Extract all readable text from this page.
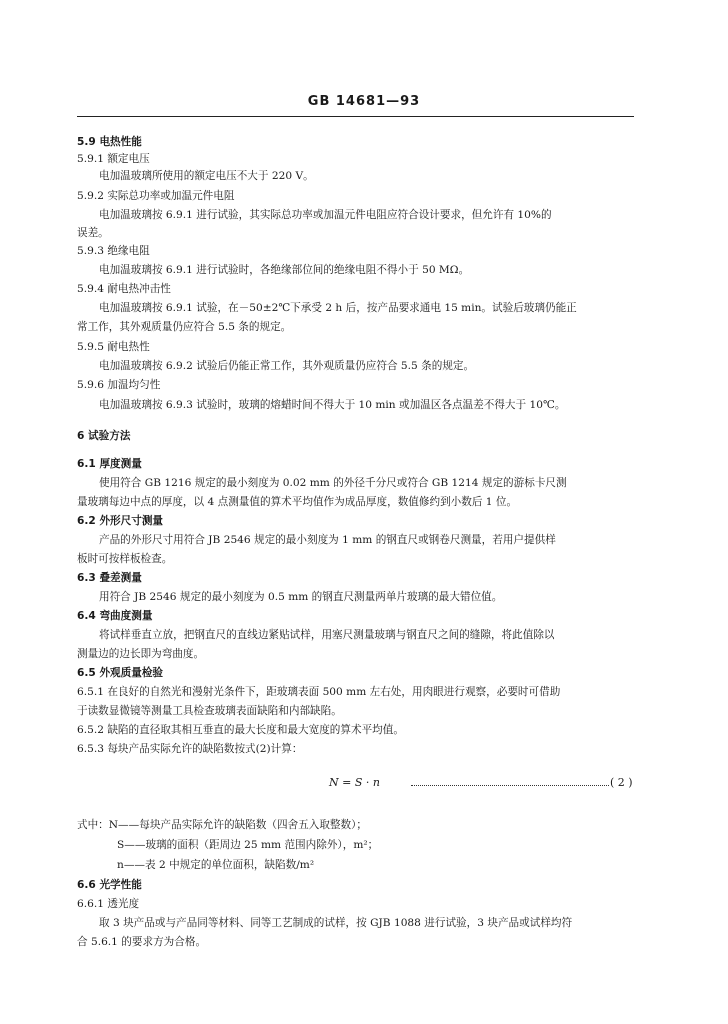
GB 14681—93
5.9 电热性能
5.9.1 额定电压
电加温玻璃所使用的额定电压不大于 220 V。
5.9.2 实际总功率或加温元件电阻
电加温玻璃按 6.9.1 进行试验，其实际总功率或加温元件电阻应符合设计要求，但允许有 10%的
误差。
5.9.3 绝缘电阻
电加温玻璃按 6.9.1 进行试验时，各绝缘部位间的绝缘电阻不得小于 50 MΩ。
5.9.4 耐电热冲击性
电加温玻璃按 6.9.1 试验，在－50±2℃下承受 2 h 后，按产品要求通电 15 min。试验后玻璃仍能正
常工作，其外观质量仍应符合 5.5 条的规定。
5.9.5 耐电热性
电加温玻璃按 6.9.2 试验后仍能正常工作，其外观质量仍应符合 5.5 条的规定。
5.9.6 加温均匀性
电加温玻璃按 6.9.3 试验时，玻璃的熔蜡时间不得大于 10 min 或加温区各点温差不得大于 10℃。
6 试验方法
6.1 厚度测量
使用符合 GB 1216 规定的最小刻度为 0.02 mm 的外径千分尺或符合 GB 1214 规定的游标卡尺测
量玻璃每边中点的厚度，以 4 点测量值的算术平均值作为成品厚度，数值修约到小数后 1 位。
6.2 外形尺寸测量
产品的外形尺寸用符合 JB 2546 规定的最小刻度为 1 mm 的钢直尺或钢卷尺测量，若用户提供样
板时可按样板检查。
6.3 叠差测量
用符合 JB 2546 规定的最小刻度为 0.5 mm 的钢直尺测量两单片玻璃的最大错位值。
6.4 弯曲度测量
将试样垂直立放，把钢直尺的直线边紧贴试样，用塞尺测量玻璃与钢直尺之间的缝隙，将此值除以
测量边的边长即为弯曲度。
6.5 外观质量检验
6.5.1 在良好的自然光和漫射光条件下，距玻璃表面 500 mm 左右处，用肉眼进行观察，必要时可借助
于读数显微镜等测量工具检查玻璃表面缺陷和内部缺陷。
6.5.2 缺陷的直径取其相互垂直的最大长度和最大宽度的算术平均值。
6.5.3 每块产品实际允许的缺陷数按式(2)计算：
N = S · n	( 2 )
式中：N——每块产品实际允许的缺陷数（四舍五入取整数）；
S——玻璃的面积（距周边 25 mm 范围内除外），m²；
n——表 2 中规定的单位面积，缺陷数/m²
6.6 光学性能
6.6.1 透光度
取 3 块产品或与产品同等材料、同等工艺制成的试样，按 GJB 1088 进行试验，3 块产品或试样均符
合 5.6.1 的要求方为合格。
